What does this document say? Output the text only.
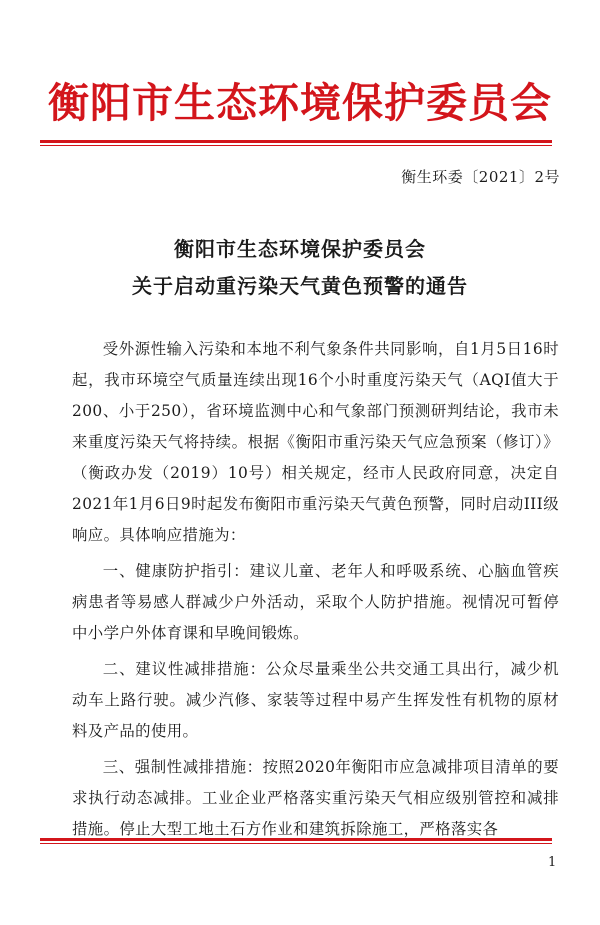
衡阳市生态环境保护委员会
衡生环委〔2021〕2号
衡阳市生态环境保护委员会
关于启动重污染天气黄色预警的通告

受外源性输入污染和本地不利气象条件共同影响，自1月5日16时起，我市环境空气质量连续出现16个小时重度污染天气（AQI值大于200、小于250），省环境监测中心和气象部门预测研判结论，我市未来重度污染天气将持续。根据《衡阳市重污染天气应急预案（修订）》（衡政办发（2019）10号）相关规定，经市人民政府同意，决定自2021年1月6日9时起发布衡阳市重污染天气黄色预警，同时启动III级响应。具体响应措施为：

一、健康防护指引：建议儿童、老年人和呼吸系统、心脑血管疾病患者等易感人群减少户外活动，采取个人防护措施。视情况可暂停中小学户外体育课和早晚间锻炼。

二、建议性减排措施：公众尽量乘坐公共交通工具出行，减少机动车上路行驶。减少汽修、家装等过程中易产生挥发性有机物的原材料及产品的使用。

三、强制性减排措施：按照2020年衡阳市应急减排项目清单的要求执行动态减排。工业企业严格落实重污染天气相应级别管控和减排措施。停止大型工地土石方作业和建筑拆除施工，严格落实各

1
